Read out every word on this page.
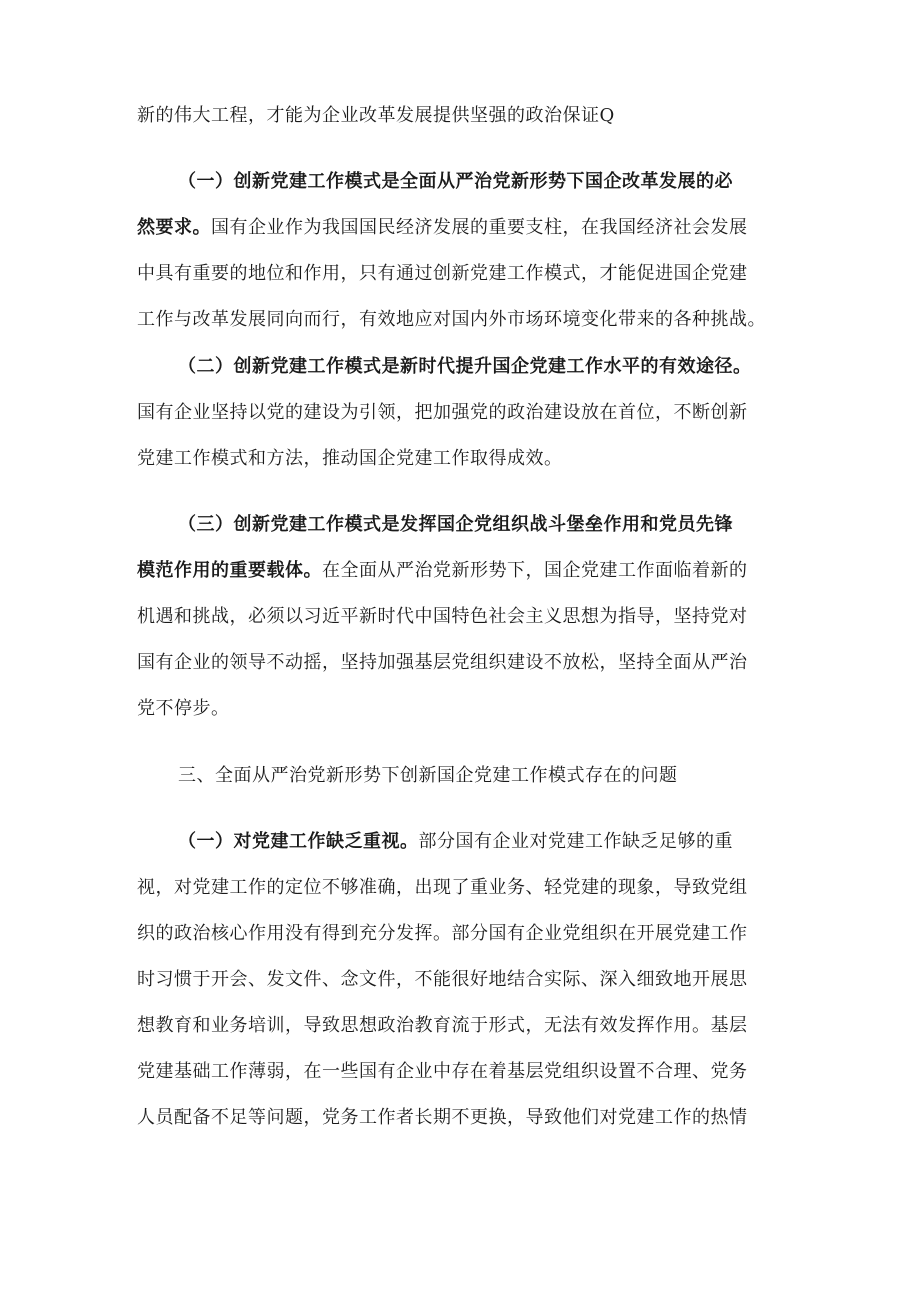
新的伟大工程，才能为企业改革发展提供坚强的政治保证Q
（一）创新党建工作模式是全面从严治党新形势下国企改革发展的必
然要求。国有企业作为我国国民经济发展的重要支柱，在我国经济社会发展
中具有重要的地位和作用，只有通过创新党建工作模式，才能促进国企党建
工作与改革发展同向而行，有效地应对国内外市场环境变化带来的各种挑战。
（二）创新党建工作模式是新时代提升国企党建工作水平的有效途径。
国有企业坚持以党的建设为引领，把加强党的政治建设放在首位，不断创新
党建工作模式和方法，推动国企党建工作取得成效。
（三）创新党建工作模式是发挥国企党组织战斗堡垒作用和党员先锋
模范作用的重要载体。在全面从严治党新形势下，国企党建工作面临着新的
机遇和挑战，必须以习近平新时代中国特色社会主义思想为指导，坚持党对
国有企业的领导不动摇，坚持加强基层党组织建设不放松，坚持全面从严治
党不停步。
三、全面从严治党新形势下创新国企党建工作模式存在的问题
（一）对党建工作缺乏重视。部分国有企业对党建工作缺乏足够的重
视，对党建工作的定位不够准确，出现了重业务、轻党建的现象，导致党组
织的政治核心作用没有得到充分发挥。部分国有企业党组织在开展党建工作
时习惯于开会、发文件、念文件，不能很好地结合实际、深入细致地开展思
想教育和业务培训，导致思想政治教育流于形式，无法有效发挥作用。基层
党建基础工作薄弱，在一些国有企业中存在着基层党组织设置不合理、党务
人员配备不足等问题，党务工作者长期不更换，导致他们对党建工作的热情
